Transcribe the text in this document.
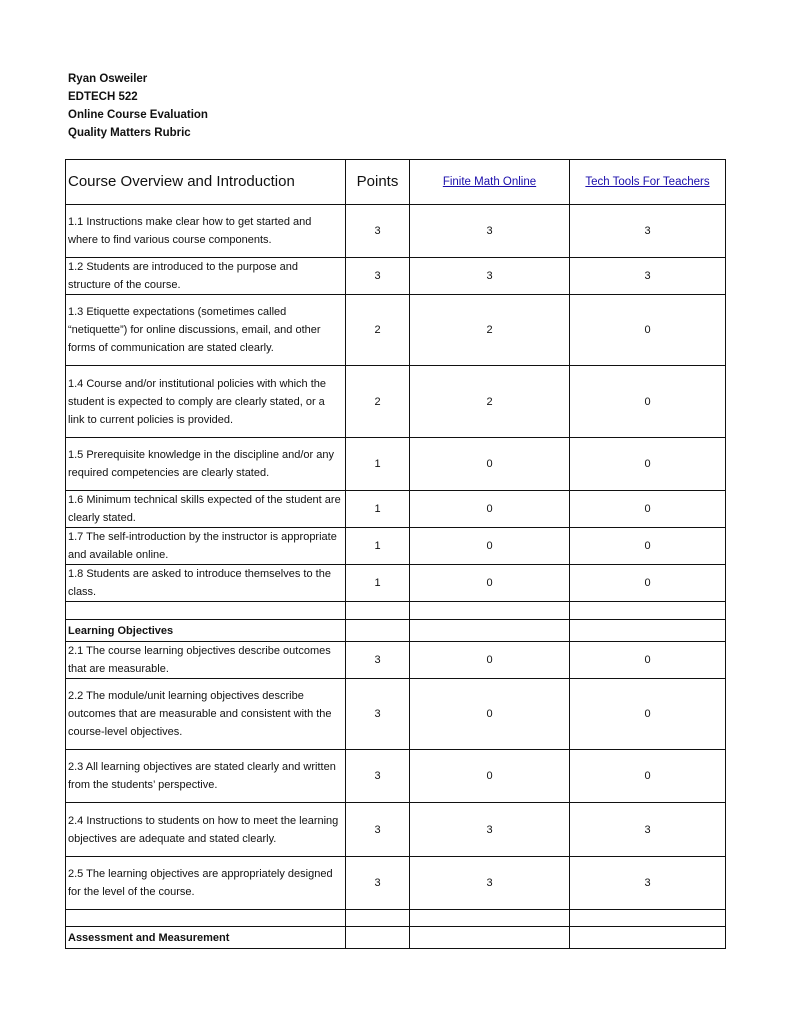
Ryan Osweiler
EDTECH 522
Online Course Evaluation
Quality Matters Rubric
Course Overview and Introduction	Points	Finite Math Online	Tech Tools For Teachers
1.1 Instructions make clear how to get started and where to find various course components.	3	3	3
1.2 Students are introduced to the purpose and structure of the course.	3	3	3
1.3 Etiquette expectations (sometimes called “netiquette”) for online discussions, email, and other forms of communication are stated clearly.	2	2	0
1.4 Course and/or institutional policies with which the student is expected to comply are clearly stated, or a link to current policies is provided.	2	2	0
1.5 Prerequisite knowledge in the discipline and/or any required competencies are clearly stated.	1	0	0
1.6 Minimum technical skills expected of the student are clearly stated.	1	0	0
1.7 The self-introduction by the instructor is appropriate and available online.	1	0	0
1.8 Students are asked to introduce themselves to the class.	1	0	0

Learning Objectives			
2.1 The course learning objectives describe outcomes that are measurable.	3	0	0
2.2 The module/unit learning objectives describe outcomes that are measurable and consistent with the course-level objectives.	3	0	0
2.3 All learning objectives are stated clearly and written from the students’ perspective.	3	0	0
2.4 Instructions to students on how to meet the learning objectives are adequate and stated clearly.	3	3	3
2.5 The learning objectives are appropriately designed for the level of the course.	3	3	3

Assessment and Measurement			
